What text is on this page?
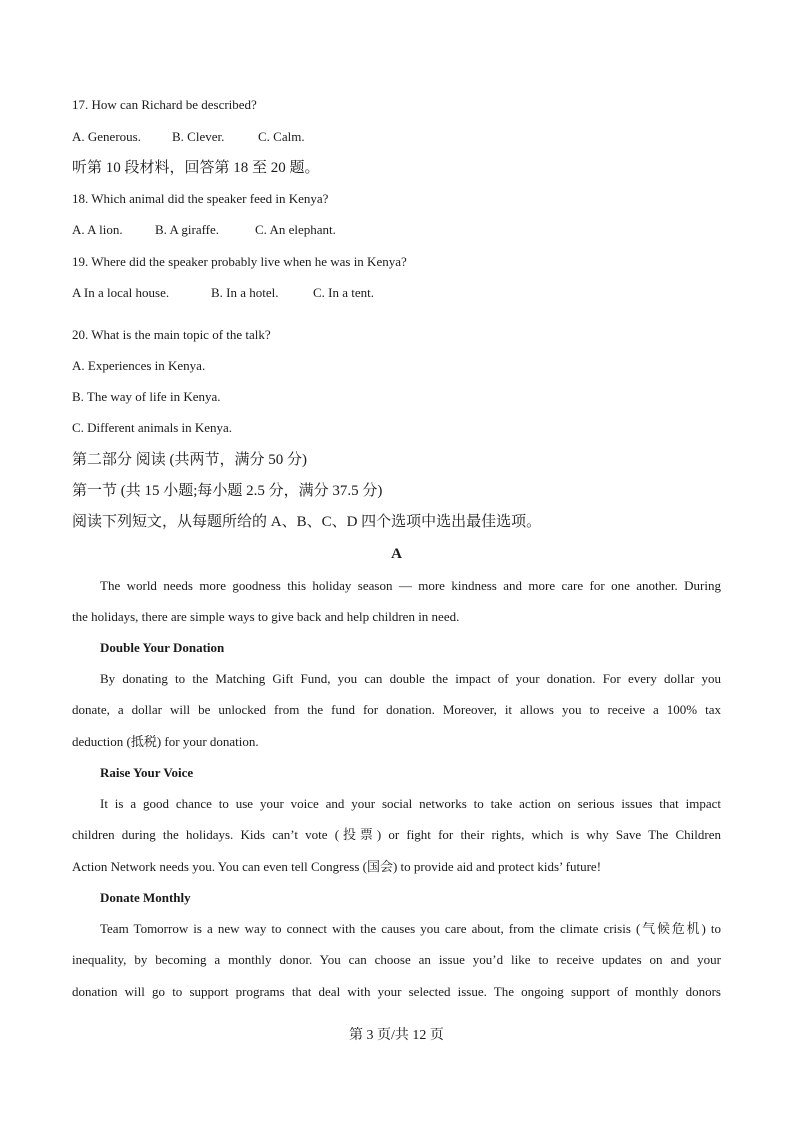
17. How can Richard be described?
A. Generous. B. Clever.	C. Calm.
听第 10 段材料，回答第 18 至 20 题。
18. Which animal did the speaker feed in Kenya?
A. A lion. B. A giraffe.	C. An elephant.
19. Where did the speaker probably live when he was in Kenya?
A In a local house.	B. In a hotel.	C. In a tent.
20. What is the main topic of the talk?
A. Experiences in Kenya.
B. The way of life in Kenya.
C. Different animals in Kenya.
第二部分 阅读 (共两节，满分 50 分)
第一节 (共 15 小题;每小题 2.5 分，满分 37.5 分)
阅读下列短文，从每题所给的 A、B、C、D 四个选项中选出最佳选项。
A
The world needs more goodness this holiday season — more kindness and more care for one another. During
the holidays, there are simple ways to give back and help children in need.
Double Your Donation
By donating to the Matching Gift Fund, you can double the impact of your donation. For every dollar you
donate, a dollar will be unlocked from the fund for donation. Moreover, it allows you to receive a 100% tax
deduction (抵税) for your donation.
Raise Your Voice
It is a good chance to use your voice and your social networks to take action on serious issues that impact
children during the holidays. Kids can’t vote (投票) or fight for their rights, which is why Save The Children
Action Network needs you. You can even tell Congress (国会) to provide aid and protect kids’ future!
Donate Monthly
Team Tomorrow is a new way to connect with the causes you care about, from the climate crisis (气候危机) to
inequality, by becoming a monthly donor. You can choose an issue you’d like to receive updates on and your
donation will go to support programs that deal with your selected issue. The ongoing support of monthly donors
第 3 页/共 12 页
